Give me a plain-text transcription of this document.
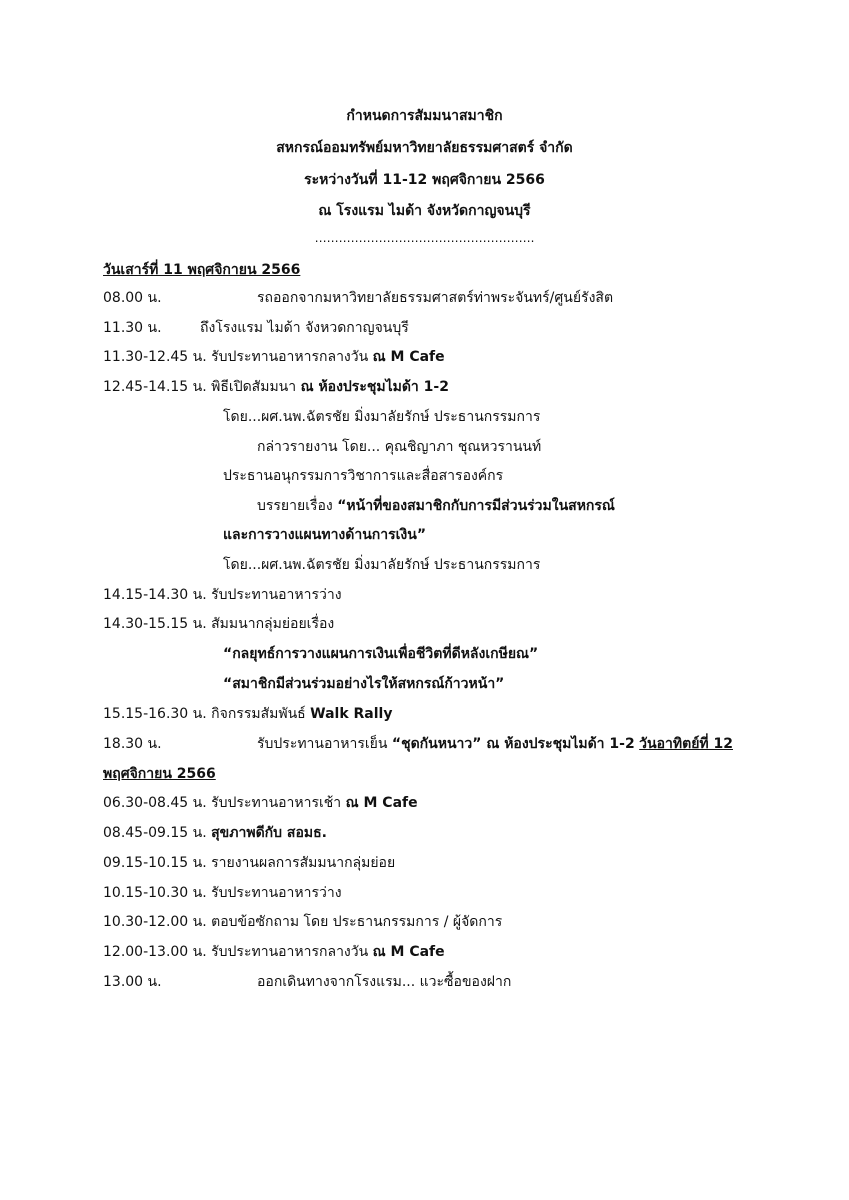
กำหนดการสัมมนาสมาชิก
สหกรณ์ออมทรัพย์มหาวิทยาลัยธรรมศาสตร์ จำกัด
ระหว่างวันที่ 11-12 พฤศจิกายน 2566
ณ โรงแรม ไมด้า จังหวัดกาญจนบุรี
……………………………………………….
วันเสาร์ที่ 11 พฤศจิกายน 2566
08.00 น.	รถออกจากมหาวิทยาลัยธรรมศาสตร์ท่าพระจันทร์/ศูนย์รังสิต
11.30 น.	ถึงโรงแรม ไมด้า จังหวดกาญจนบุรี
11.30-12.45 น. รับประทานอาหารกลางวัน ณ M Cafe
12.45-14.15 น. พิธีเปิดสัมมนา ณ ห้องประชุมไมด้า 1-2
โดย...ผศ.นพ.ฉัตรชัย มิ่งมาลัยรักษ์ ประธานกรรมการ
กล่าวรายงาน โดย... คุณชิญาภา ชุณหวรานนท์
ประธานอนุกรรมการวิชาการและสื่อสารองค์กร
บรรยายเรื่อง “หน้าที่ของสมาชิกกับการมีส่วนร่วมในสหกรณ์
และการวางแผนทางด้านการเงิน”
โดย...ผศ.นพ.ฉัตรชัย มิ่งมาลัยรักษ์ ประธานกรรมการ
14.15-14.30 น. รับประทานอาหารว่าง
14.30-15.15 น. สัมมนากลุ่มย่อยเรื่อง
“กลยุทธ์การวางแผนการเงินเพื่อชีวิตที่ดีหลังเกษียณ”
“สมาชิกมีส่วนร่วมอย่างไรให้สหกรณ์ก้าวหน้า”
15.15-16.30 น. กิจกรรมสัมพันธ์ Walk Rally
18.30 น.	รับประทานอาหารเย็น “ชุดกันหนาว” ณ ห้องประชุมไมด้า 1-2 วันอาทิตย์ที่ 12
พฤศจิกายน 2566
06.30-08.45 น. รับประทานอาหารเช้า ณ M Cafe
08.45-09.15 น. สุขภาพดีกับ สอมธ.
09.15-10.15 น. รายงานผลการสัมมนากลุ่มย่อย
10.15-10.30 น. รับประทานอาหารว่าง
10.30-12.00 น. ตอบข้อซักถาม โดย ประธานกรรมการ / ผู้จัดการ
12.00-13.00 น. รับประทานอาหารกลางวัน ณ M Cafe
13.00 น.	ออกเดินทางจากโรงแรม... แวะซื้อของฝาก
